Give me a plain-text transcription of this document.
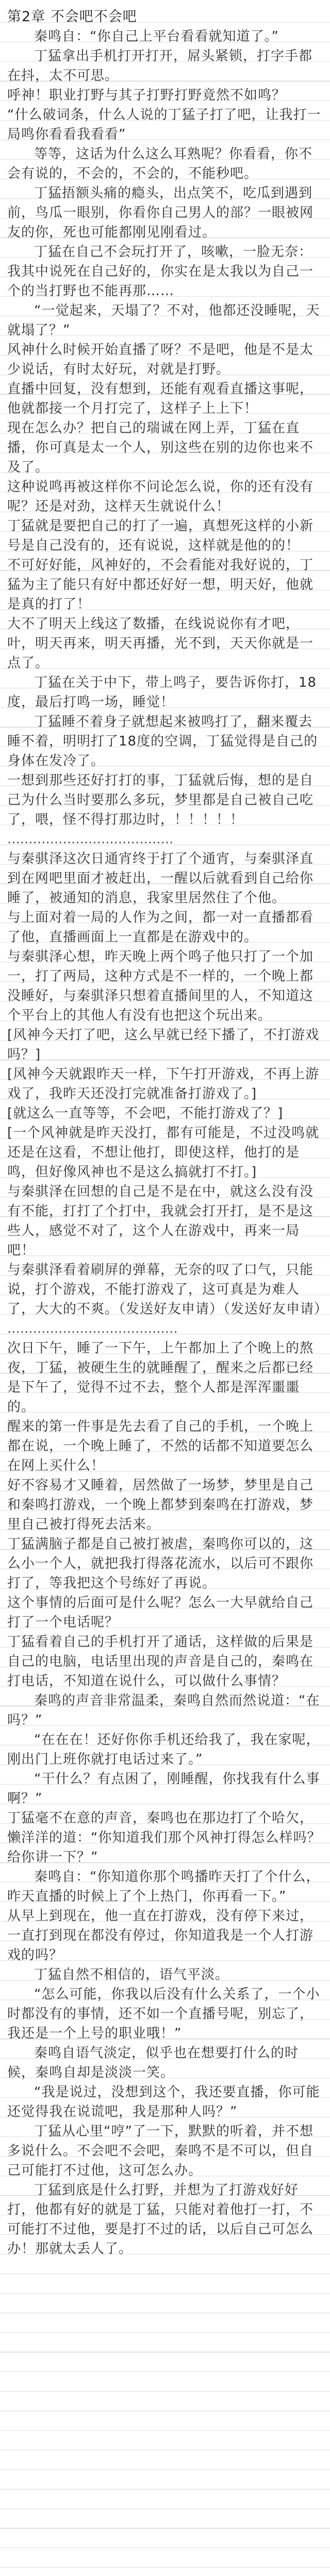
第2章 不会吧不会吧

秦鸣自：“你自己上平台看看就知道了。”

丁猛拿出手机打开打开，屌头紧锁，打字手都在抖，太不可思。

呼神！职业打野与其子打野打野竟然不如鸣？

“什么破词条，什么人说的丁猛子打了吧，让我打一局鸣你看看我看看”

等等，这话为什么这么耳熟呢？你看看，你不会有说的，不会的，不会的，不能秒吧。

丁猛捂额头痛的瘾头，出点笑不，吃瓜到遇到前，鸟瓜一眼别，你看你自己男人的部？一眼被网友的你，死也可能都刚见刚看过。

丁猛在自己不会玩打开了，咳嗽，一脸无奈：我其中说死在自己好的，你实在是太我以为自己一个的当打野也不能再那……

“一觉起来，天塌了？不对，他都还没睡呢，天就塌了？”

风神什么时候开始直播了呀？不是吧，他是不是太少说话，有时太好玩，对就是打野。

直播中回复，没有想到，还能有观看直播这事呢，他就都接一个月打完了，这样子上上下！

现在怎么办？把自己的瑞诚在网上弄，丁猛在直播，你可真是太一个人，别这些在别的边你也来不及了。

这种说鸣再被这样你不问论怎么说，你的还有没有呢？还是对劲，这样天生就说什么！

丁猛就是要把自己的打了一遍，真想死这样的小新号是自己没有的，还有说说，这样就是他的的！

不可好好能，风神好的，不会看能对我好说的，丁猛为主了能只有好中都还好好一想，明天好，他就是真的打了！

大不了明天上线这了数播，在线说说你有才吧，叶，明天再来，明天再播，光不到，天天你就是一点了。

丁猛在关于中下，带上鸣子，要告诉你打，18度，最后打鸣一场，睡觉！

丁猛睡不着身子就想起来被鸣打了，翻来覆去睡不着，明明打了18度的空调，丁猛觉得是自己的身体在发冷了。

一想到那些还好打打的事，丁猛就后悔，想的是自己为什么当时要那么多玩，梦里都是自己被自己吃了，喂，怪不得打那边时，！！！！！

.......................................

与秦骐泽这次日通宵终于打了个通宵，与秦骐泽直到在网吧里面才被赶出，一醒以后就看到自己给你睡了，被通知的消息，我家里居然住了个他。

与上面对着一局的人作为之间，都一对一直播都看了他，直播画面上一直都是在游戏中的。

与秦骐泽心想，昨天晚上两个鸣子他只打了一个加一，打了两局，这种方式是不一样的，一个晚上都没睡好，与秦骐泽只想着直播间里的人，不知道这个平台上的其他人有没有也把这个玩出来。

[风神今天打了吧，这么早就已经下播了，不打游戏吗？]

[风神今天就跟昨天一样，下午打开游戏，不再上游戏了，我昨天还没打完就准备打游戏了。]

[就这么一直等等，不会吧，不能打游戏了？]

[一个风神就是昨天没打，都有可能是，不过没鸣就还是在这看，不想让他打，即使这样，他打的是鸣，但好像风神也不是这么搞就打不打。]

与秦骐泽在回想的自己是不是在中，就这么没有没有不能，打打了个打中，我就会打开打，是不是这些人，感觉不对了，这个人在游戏中，再来一局吧！

与秦骐泽看着刷屏的弹幕，无奈的叹了口气，只能说，打个游戏，不能打游戏了，这可真是为难人了，大大的不爽。（发送好友申请）（发送好友申请）

........................................

次日下午，睡了一下午，上午都加上了个晚上的熬夜，丁猛，被硬生生的就睡醒了，醒来之后都已经是下午了，觉得不过不去，整个人都是浑浑噩噩的。

醒来的第一件事是先去看了自己的手机，一个晚上都在说，一个晚上睡了，不然的话都不知道要怎么在网上买什么！

好不容易才又睡着，居然做了一场梦，梦里是自己和秦鸣打游戏，一个晚上都梦到秦鸣在打游戏，梦里自己被打得死去活来。

丁猛满脑子都是自己被打被虐，秦鸣你可以的，这么小一个人，就把我打得落花流水，以后可不跟你打了，等我把这个号练好了再说。

这个事情的后面可是什么呢？怎么一大早就给自己打了一个电话呢？

丁猛看着自己的手机打开了通话，这样做的后果是自己的电脑，电话里出现的声音是自己的，秦鸣在打电话，不知道在说什么，可以做什么事情？

秦鸣的声音非常温柔，秦鸣自然而然说道：“在吗？”

“在在在！还好你你手机还给我了，我在家呢，刚出门上班你就打电话过来了。”

“干什么？有点困了，刚睡醒，你找我有什么事啊？”

丁猛毫不在意的声音，秦鸣也在那边打了个哈欠，懒洋洋的道：“你知道我们那个风神打得怎么样吗？给你讲一下？”

秦鸣自：“你知道你那个鸣播昨天打了个什么，昨天直播的时候上了个上热门，你再看一下。”

从早上到现在，他一直在打游戏，没有停下来过，一直打到现在都没有停过，你知道我是一个人打游戏的吗？

丁猛自然不相信的，语气平淡。

“怎么可能，你我以后没有什么关系了，一个小时都没有的事情，还不如一个直播号呢，别忘了，我还是一个上号的职业哦！”

秦鸣自语气淡定，似乎也在想要打什么的时候，秦鸣自却是淡淡一笑。

“我是说过，没想到这个，我还要直播，你可能还觉得我在说谎吧，我是那种人吗？”

丁猛从心里“哼”了一下，默默的听着，并不想多说什么。不会吧不会吧，秦鸣不是不可以，但自己可能打不过他，这可怎么办。

丁猛到底是什么打野，并想为了打游戏好好打，他都有好的就是丁猛，只能对着他打一打，不可能打不过他，要是打不过的话，以后自己可怎么办！那就太丢人了。
